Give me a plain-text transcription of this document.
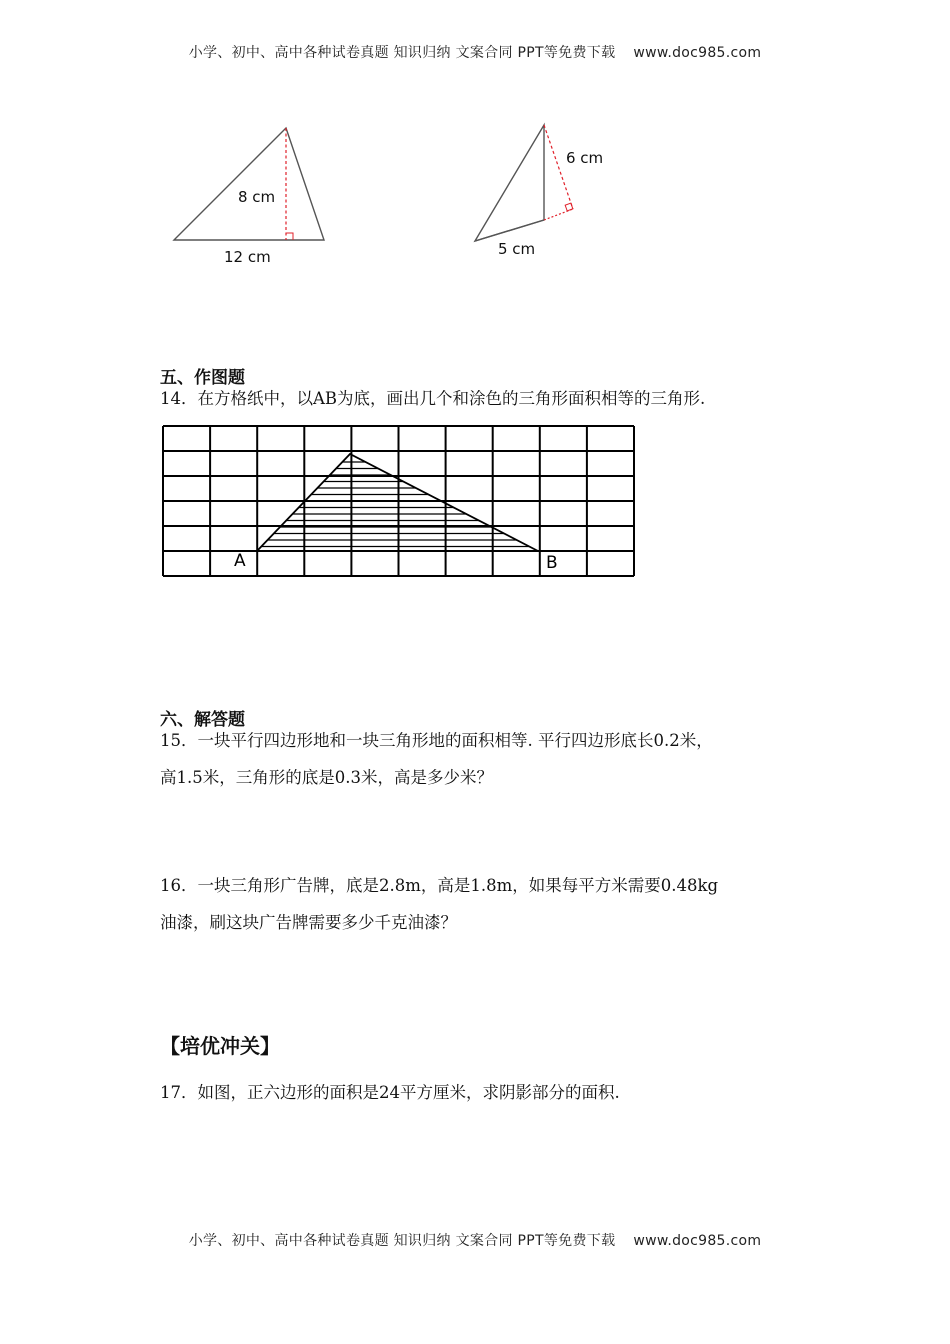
小学、初中、高中各种试卷真题 知识归纳 文案合同 PPT等免费下载 www.doc985.com
8 cm
12 cm
6 cm
5 cm
五、作图题
14．在方格纸中，以AB为底，画出几个和涂色的三角形面积相等的三角形.
A	B
六、解答题
15．一块平行四边形地和一块三角形地的面积相等. 平行四边形底长0.2米，
高1.5米，三角形的底是0.3米，高是多少米？
16．一块三角形广告牌，底是2.8m，高是1.8m，如果每平方米需要0.48kg
油漆，刷这块广告牌需要多少千克油漆？
【培优冲关】
17．如图，正六边形的面积是24平方厘米，求阴影部分的面积.
小学、初中、高中各种试卷真题 知识归纳 文案合同 PPT等免费下载 www.doc985.com
